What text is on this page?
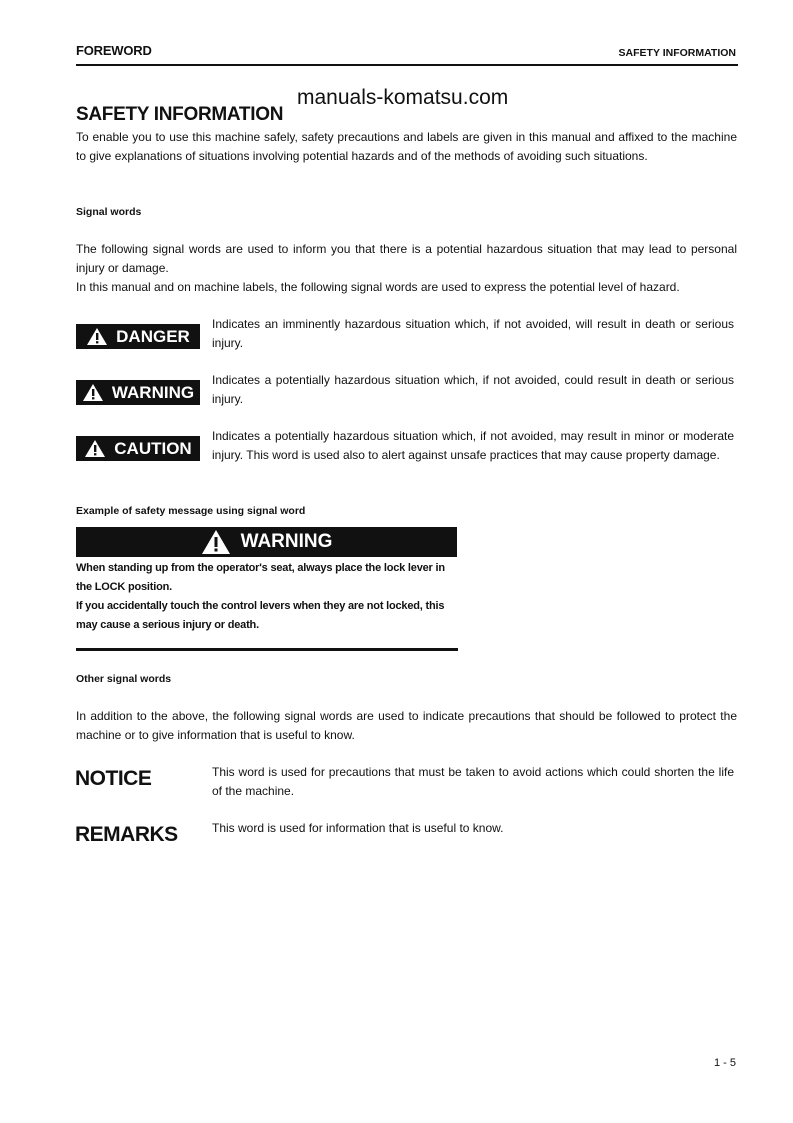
FOREWORD	SAFETY INFORMATION
SAFETY INFORMATION
manuals-komatsu.com
To enable you to use this machine safely, safety precautions and labels are given in this manual and affixed to the machine to give explanations of situations involving potential hazards and of the methods of avoiding such situations.
Signal words
The following signal words are used to inform you that there is a potential hazardous situation that may lead to personal injury or damage.
In this manual and on machine labels, the following signal words are used to express the potential level of hazard.
DANGER
Indicates an imminently hazardous situation which, if not avoided, will result in death or serious injury.
WARNING
Indicates a potentially hazardous situation which, if not avoided, could result in death or serious injury.
CAUTION
Indicates a potentially hazardous situation which, if not avoided, may result in minor or moderate injury. This word is used also to alert against unsafe practices that may cause property damage.
Example of safety message using signal word
WARNING

When standing up from the operator's seat, always place the lock lever in the LOCK position.

If you accidentally touch the control levers when they are not locked, this may cause a serious injury or death.

Other signal words
In addition to the above, the following signal words are used to indicate precautions that should be followed to protect the machine or to give information that is useful to know.
NOTICE	This word is used for precautions that must be taken to avoid actions which could shorten the life of the machine.
REMARKS	This word is used for information that is useful to know.
1 - 5
